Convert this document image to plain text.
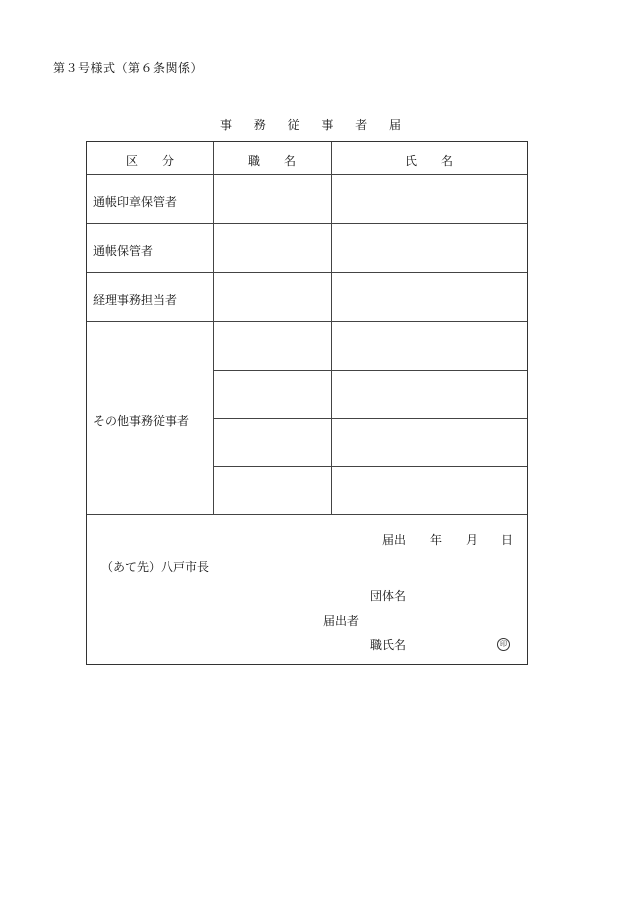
第３号様式（第６条関係）
事 務 従 事 者 届
区　　分	職　　名	氏　　名
通帳印章保管者
通帳保管者
経理事務担当者
その他事務従事者
届出 年 月 日
（あて先）八戸市長
団体名
届出者
職氏名	印
